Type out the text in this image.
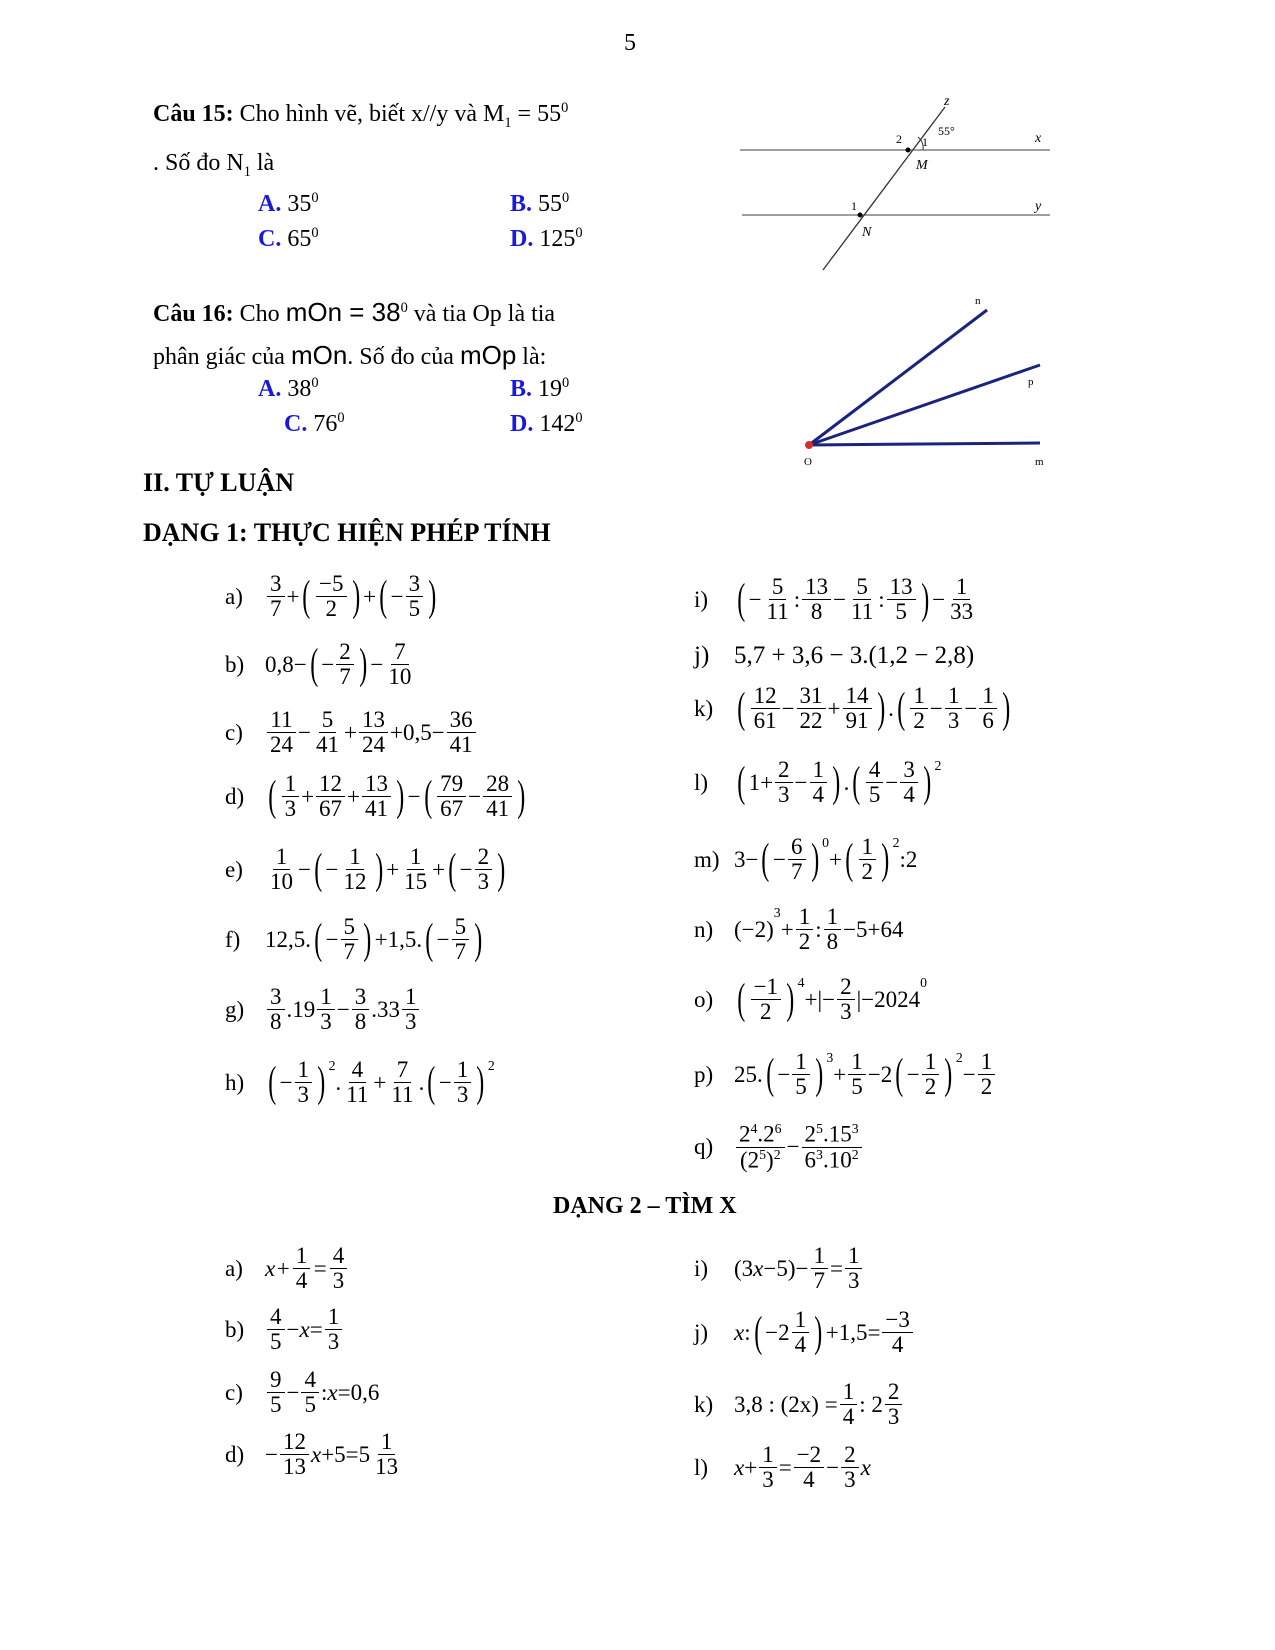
5
Câu 15: Cho hình vẽ, biết x//y và $M_1 = 55^0$
. Số đo $N_1$ là
A. $35^0$	B. $55^0$
C. $65^0$	D. $125^0$
z
x
y
M
N
1
1
2
55°
Câu 16: Cho mOn = $38^0$ và tia Op là tia
phân giác của mOn. Số đo của mOp là:
A. $38^0$	B. $19^0$
C. $76^0$	D. $142^0$
n
p
m
O
II. TỰ LUẬN
DẠNG 1: THỰC HIỆN PHÉP TÍNH
a)	$\frac{3}{7}$ + ( $\frac{-5}{2}$ ) + ( − $\frac{3}{5}$ )
b) 0,8− ( − $\frac{2}{7}$ ) − $\frac{7}{10}$
c)	$\frac{11}{24} - \frac{5}{41} + \frac{13}{24} +0,5- \frac{36}{41}$
d) ( $\frac{1}{3} + \frac{12}{67} + \frac{13}{41}$ ) − ( $\frac{79}{67} - \frac{28}{41}$ )
e)	$\frac{1}{10}$ − ( − $\frac{1}{12}$ ) + $\frac{1}{15}$ + ( − $\frac{2}{3}$ )
f)	12,5. ( − $\frac{5}{7}$ ) +1,5. ( − $\frac{5}{7}$ )
$g) \frac{3}{8} .19 \frac{1}{3} - \frac{3}{8} .33 \frac{1}{3}$
h) ( − $\frac{1}{3} )^2$
. $\frac{4}{11} + \frac{7}{11}$ . ( − $\frac{1}{3} )^2$
i) ( − $\frac{5}{11}$ : $\frac{13}{8} - \frac{5}{11}$ : $\frac{13}{5}$ ) − $\frac{1}{33}$
j) 5,7 + 3,6 − 3.(1,2 − 2,8)
k) ( $\frac{12}{61} - \frac{31}{22} + \frac{14}{91}$ ) . ( $\frac{1}{2} - \frac{1}{3} - \frac{1}{6}$ )
l) ( $1+ \frac{2}{3} - \frac{1}{4}$ ) . ( $\frac{4}{5} - \frac{3}{4} )^2$
m) 3− ( − $\frac{6}{7} )^0$
+ ( $\frac{1}{2} )^2$
:2
n) (−2)
$^3$
+ $\frac{1}{2}$ : $\frac{1}{8} -5+64$
o) ( $\frac{-1}{2} )^4$
+|− $\frac{2}{3} |-2024$
$^0$
p) 25. ( − $\frac{1}{5} )^3$
+ $\frac{1}{5} -2$ ( − $\frac{1}{2} )^2$
− $\frac{1}{2}$
$q) \frac{2^4.2^6}{(2^5)^2} - \frac{2^5.15^3}{6^3.10^2}$
DẠNG 2 – TÌM X
a) $x+ \frac{1}{4} = \frac{4}{3}$
$b) \frac{4}{5} - x = \frac{1}{3}$
c)	$\frac{9}{5} - \frac{4}{5}$ : x =0,6
$d) - \frac{12}{13}$ $x +5=5 \frac{1}{13}$
i)	(3 $x -5)- \frac{1}{7} = \frac{1}{3}$
j)	x : ( $-2 \frac{1}{4}$ ) $+1,5= \frac{-3}{4}$
k) 3,8 : $(2x) = \frac{1}{4}$ : $2 \frac{2}{3}$
l)	$x + \frac{1}{3} = \frac{-2}{4} - \frac{2}{3}$ x
